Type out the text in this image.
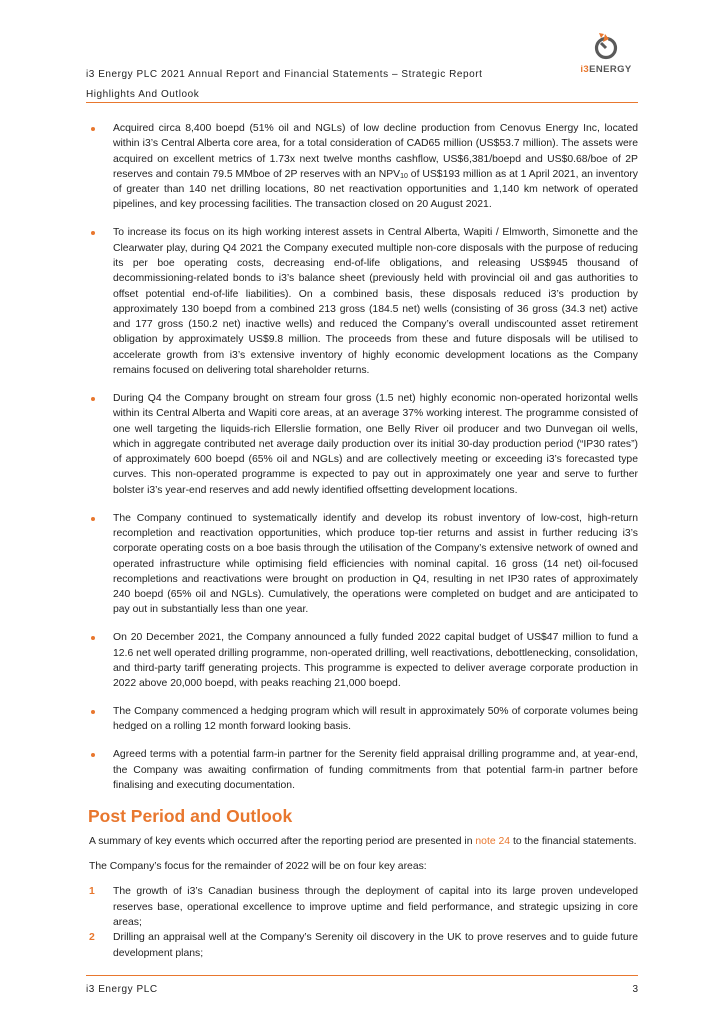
i3 Energy PLC 2021 Annual Report and Financial Statements – Strategic Report
Highlights And Outlook
i3ENERGY
Acquired circa 8,400 boepd (51% oil and NGLs) of low decline production from Cenovus Energy Inc, located within i3’s Central Alberta core area, for a total consideration of CAD65 million (US$53.7 million). The assets were acquired on excellent metrics of 1.73x next twelve months cashflow, US$6,381/boepd and US$0.68/boe of 2P reserves and contain 79.5 MMboe of 2P reserves with an $NPV_{10}$ of US$193 million as at 1 April 2021, an inventory of greater than 140 net drilling locations, 80 net reactivation opportunities and 1,140 km network of operated pipelines, and key processing facilities. The transaction closed on 20 August 2021.
To increase its focus on its high working interest assets in Central Alberta, Wapiti / Elmworth, Simonette and the Clearwater play, during Q4 2021 the Company executed multiple non-core disposals with the purpose of reducing its per boe operating costs, decreasing end-of-life obligations, and releasing US$945 thousand of decommissioning-related bonds to i3’s balance sheet (previously held with provincial oil and gas authorities to offset potential end-of-life liabilities). On a combined basis, these disposals reduced i3’s production by approximately 130 boepd from a combined 213 gross (184.5 net) wells (consisting of 36 gross (34.3 net) active and 177 gross (150.2 net) inactive wells) and reduced the Company’s overall undiscounted asset retirement obligation by approximately US$9.8 million. The proceeds from these and future disposals will be utilised to accelerate growth from i3’s extensive inventory of highly economic development locations as the Company remains focused on delivering total shareholder returns.
During Q4 the Company brought on stream four gross (1.5 net) highly economic non-operated horizontal wells within its Central Alberta and Wapiti core areas, at an average 37% working interest. The programme consisted of one well targeting the liquids-rich Ellerslie formation, one Belly River oil producer and two Dunvegan oil wells, which in aggregate contributed net average daily production over its initial 30-day production period (“IP30 rates”) of approximately 600 boepd (65% oil and NGLs) and are collectively meeting or exceeding i3’s forecasted type curves. This non-operated programme is expected to pay out in approximately one year and serve to further bolster i3’s year-end reserves and add newly identified offsetting development locations.
The Company continued to systematically identify and develop its robust inventory of low-cost, high-return recompletion and reactivation opportunities, which produce top-tier returns and assist in further reducing i3’s corporate operating costs on a boe basis through the utilisation of the Company’s extensive network of owned and operated infrastructure while optimising field efficiencies with nominal capital. 16 gross (14 net) oil-focused recompletions and reactivations were brought on production in Q4, resulting in net IP30 rates of approximately 240 boepd (65% oil and NGLs). Cumulatively, the operations were completed on budget and are anticipated to pay out in substantially less than one year.
On 20 December 2021, the Company announced a fully funded 2022 capital budget of US$47 million to fund a 12.6 net well operated drilling programme, non-operated drilling, well reactivations, debottlenecking, consolidation, and third-party tariff generating projects. This programme is expected to deliver average corporate production in 2022 above 20,000 boepd, with peaks reaching 21,000 boepd.
The Company commenced a hedging program which will result in approximately 50% of corporate volumes being hedged on a rolling 12 month forward looking basis.
Agreed terms with a potential farm-in partner for the Serenity field appraisal drilling programme and, at year-end, the Company was awaiting confirmation of funding commitments from that potential farm-in partner before finalising and executing documentation.
Post Period and Outlook

A summary of key events which occurred after the reporting period are presented in note 24 to the financial statements.

The Company’s focus for the remainder of 2022 will be on four key areas:

1 The growth of i3’s Canadian business through the deployment of capital into its large proven undeveloped reserves base, operational excellence to improve uptime and field performance, and strategic upsizing in core areas;
2 Drilling an appraisal well at the Company’s Serenity oil discovery in the UK to prove reserves and to guide future development plans;
i3 Energy PLC	3
